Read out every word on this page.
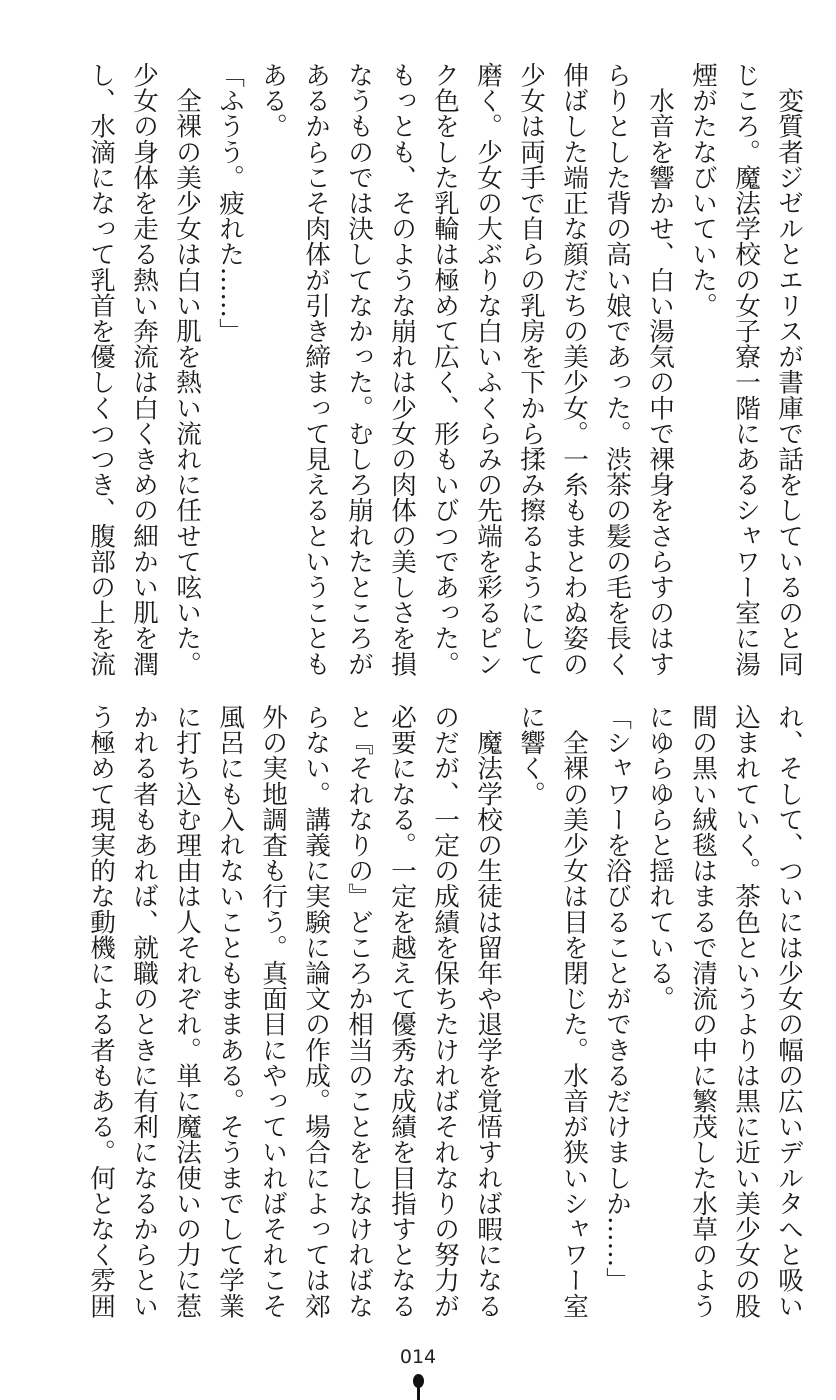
　変質者ジゼルとエリスが書庫で話をしているのと同
じころ。魔法学校の女子寮一階にあるシャワー室に湯
煙がたなびいていた。
　水音を響かせ、白い湯気の中で裸身をさらすのはす
らりとした背の高い娘であった。渋茶の髪の毛を長く
伸ばした端正な顔だちの美少女。一糸もまとわぬ姿の
少女は両手で自らの乳房を下から揉み擦るようにして
磨く。少女の大ぶりな白いふくらみの先端を彩るピン
ク色をした乳輪は極めて広く、形もいびつであった。
もっとも、そのような崩れは少女の肉体の美しさを損
なうものでは決してなかった。むしろ崩れたところが
あるからこそ肉体が引き締まって見えるということも
ある。
「ふうう。疲れた……」
　全裸の美少女は白い肌を熱い流れに任せて呟いた。
少女の身体を走る熱い奔流は白くきめの細かい肌を潤
し、水滴になって乳首を優しくつつき、腹部の上を流
れ、そして、ついには少女の幅の広いデルタへと吸い
込まれていく。茶色というよりは黒に近い美少女の股
間の黒い絨毯はまるで清流の中に繁茂した水草のよう
にゆらゆらと揺れている。
「シャワーを浴びることができるだけましか……」
　全裸の美少女は目を閉じた。水音が狭いシャワー室
に響く。
　魔法学校の生徒は留年や退学を覚悟すれば暇になる
のだが、一定の成績を保ちたければそれなりの努力が
必要になる。一定を越えて優秀な成績を目指すとなる
と『それなりの』どころか相当のことをしなければな
らない。講義に実験に論文の作成。場合によっては郊
外の実地調査も行う。真面目にやっていればそれこそ
風呂にも入れないこともままある。そうまでして学業
に打ち込む理由は人それぞれ。単に魔法使いの力に惹
かれる者もあれば、就職のときに有利になるからとい
う極めて現実的な動機による者もある。何となく雰囲
014
